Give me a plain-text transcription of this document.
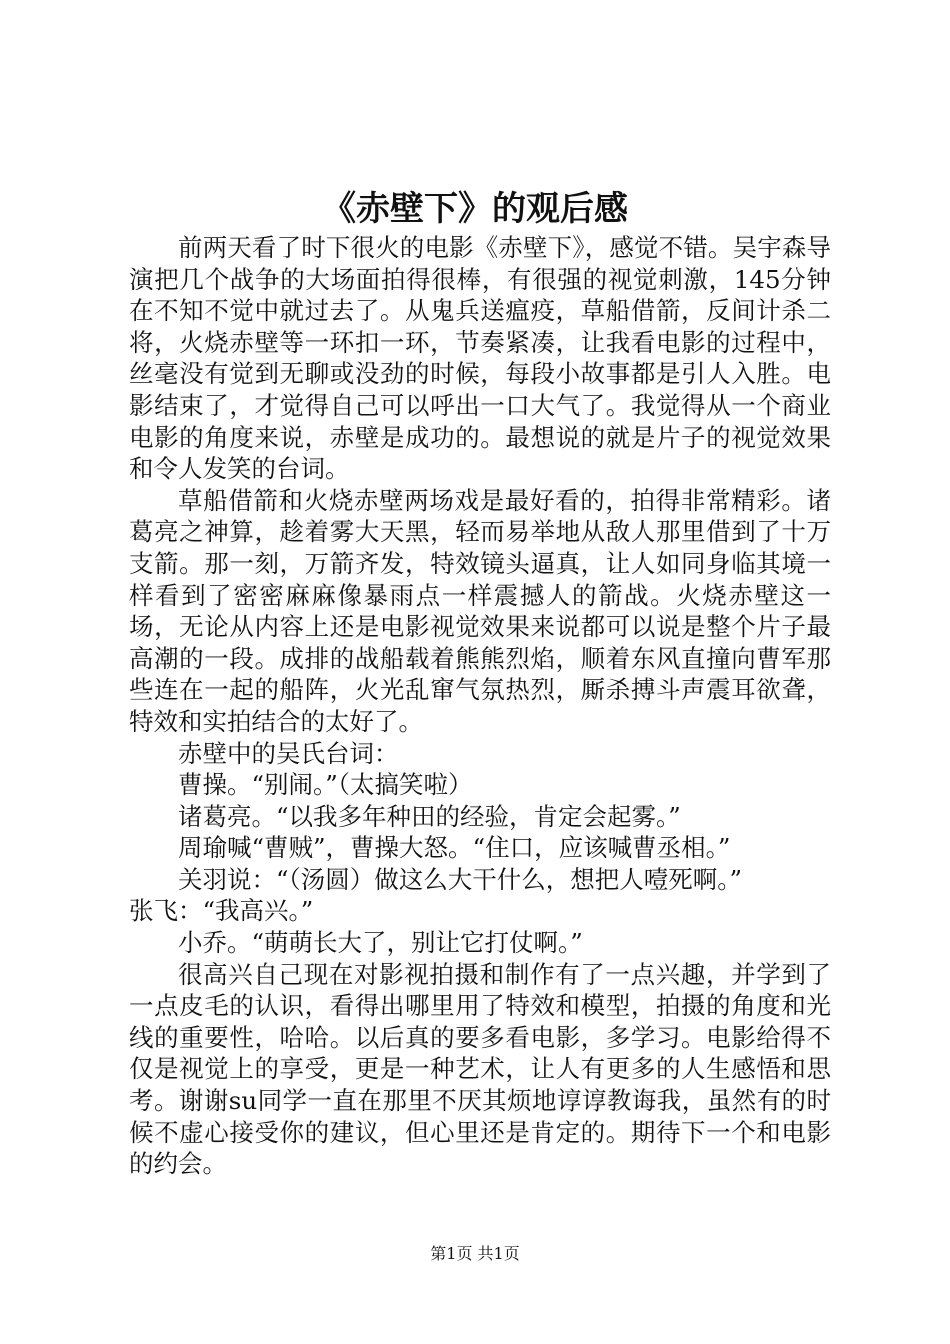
《赤壁下》的观后感

前两天看了时下很火的电影《赤壁下》，感觉不错。吴宇森导演把几个战争的大场面拍得很棒，有很强的视觉刺激，145分钟在不知不觉中就过去了。从鬼兵送瘟疫，草船借箭，反间计杀二将，火烧赤壁等一环扣一环，节奏紧凑，让我看电影的过程中，丝毫没有觉到无聊或没劲的时候，每段小故事都是引人入胜。电影结束了，才觉得自己可以呼出一口大气了。我觉得从一个商业电影的角度来说，赤壁是成功的。最想说的就是片子的视觉效果和令人发笑的台词。

草船借箭和火烧赤壁两场戏是最好看的，拍得非常精彩。诸葛亮之神算，趁着雾大天黑，轻而易举地从敌人那里借到了十万支箭。那一刻，万箭齐发，特效镜头逼真，让人如同身临其境一样看到了密密麻麻像暴雨点一样震撼人的箭战。火烧赤壁这一场，无论从内容上还是电影视觉效果来说都可以说是整个片子最高潮的一段。成排的战船载着熊熊烈焰，顺着东风直撞向曹军那些连在一起的船阵，火光乱窜气氛热烈，厮杀搏斗声震耳欲聋，特效和实拍结合的太好了。

赤壁中的吴氏台词：

曹操。“别闹。”（太搞笑啦）

诸葛亮。“以我多年种田的经验，肯定会起雾。”

周瑜喊“曹贼”，曹操大怒。“住口，应该喊曹丞相。”

关羽说：“（汤圆）做这么大干什么，想把人噎死啊。”

张飞：“我高兴。”

小乔。“萌萌长大了，别让它打仗啊。”

很高兴自己现在对影视拍摄和制作有了一点兴趣，并学到了一点皮毛的认识，看得出哪里用了特效和模型，拍摄的角度和光线的重要性，哈哈。以后真的要多看电影，多学习。电影给得不仅是视觉上的享受，更是一种艺术，让人有更多的人生感悟和思考。谢谢su同学一直在那里不厌其烦地谆谆教诲我，虽然有的时候不虚心接受你的建议，但心里还是肯定的。期待下一个和电影的约会。

第1页 共1页
